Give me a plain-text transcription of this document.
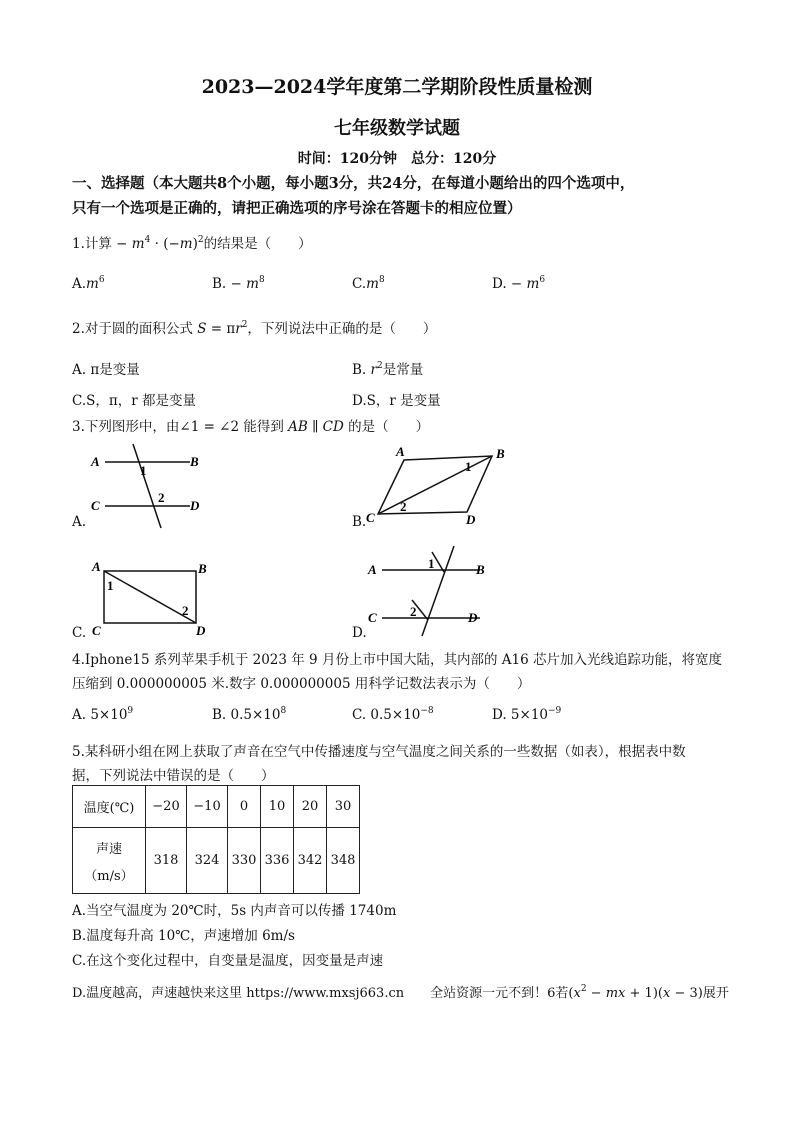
2023—2024学年度第二学期阶段性质量检测
七年级数学试题
时间：120分钟　总分：120分
一、选择题（本大题共8个小题，每小题3分，共24分，在每道小题给出的四个选项中，
只有一个选项是正确的，请把正确选项的序号涂在答题卡的相应位置）
1.计算 − $m^4 \cdot (-m)^2$的结果是（　　）
$A.m^6$	B. − $m^8$	$C.m^8$	D. − $m^6$
2.对于圆的面积公式 $S = \pi r^2$，下列说法中正确的是（　　）
A. π是变量	B. $r^2$是常量
C.S，π，r 都是变量	D.S，r 是变量
3.下列图形中，由∠1 = ∠2 能得到 AB ∥ CD 的是（　　）
A.	B.
C.	D.
A	B
C	D
1
2
A	B
C	D
1
2
A	B
C	D
1
2
A	B
C	D
1
2
4.Iphone15 系列苹果手机于 2023 年 9 月份上市中国大陆，其内部的 A16 芯片加入光线追踪功能，将宽度
压缩到 0.000000005 米.数字 0.000000005 用科学记数法表示为（　　）
A. $5\times 10^9$	B. $0.5\times 10^8$	C. $0.5\times 10^{-8}$	D. $5\times 10^{-9}$
5.某科研小组在网上获取了声音在空气中传播速度与空气温度之间关系的一些数据（如表），根据表中数
据，下列说法中错误的是（　　）
温度(℃)	−20	−10	0	10	20	30

声速
（m/s）	318	324	330	336	342	348
A.当空气温度为 20℃时，5s 内声音可以传播 1740m
B.温度每升高 10℃，声速增加 6m/s
C.在这个变化过程中，自变量是温度，因变量是声速
D.温度越高，声速越快来这里 https://www.mxsj663.cn　　全站资源一元不到！6若($x^2$ − mx + 1)(x − 3)展开
